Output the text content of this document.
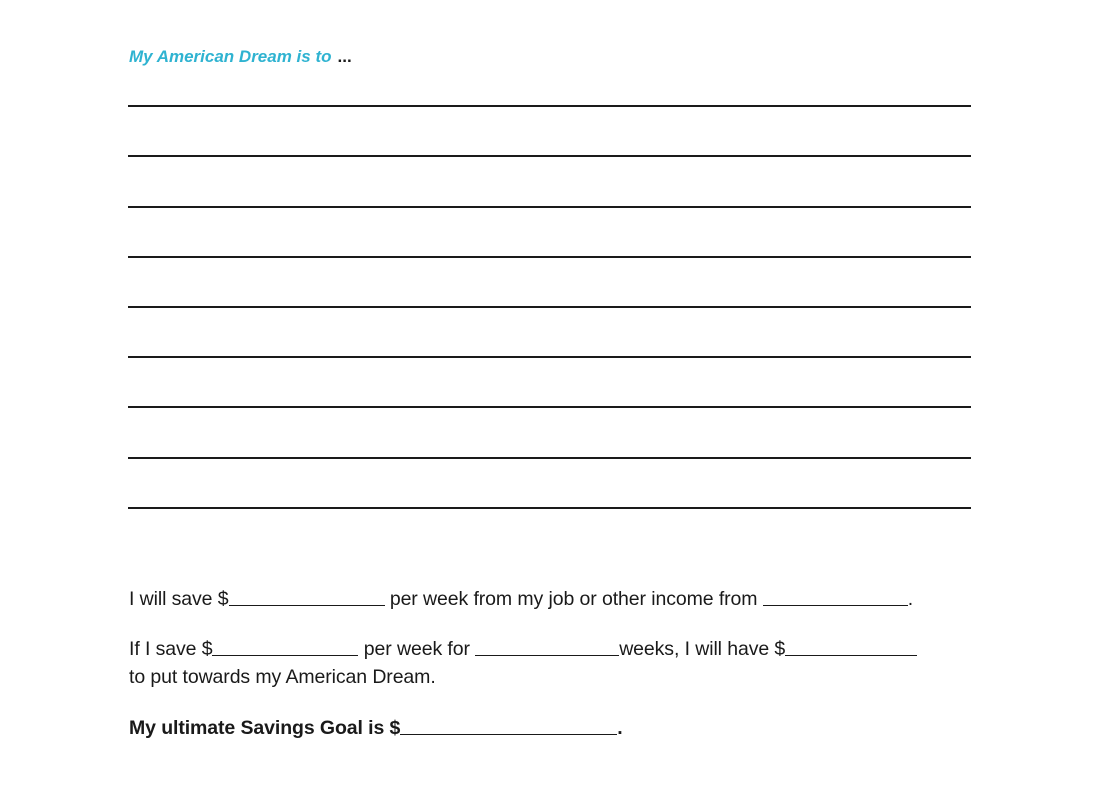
My American Dream is to ...
I will save $	per week from my job or other income from	.
If I save $	per week for	weeks, I will have $
to put towards my American Dream.
My ultimate Savings Goal is $	.
